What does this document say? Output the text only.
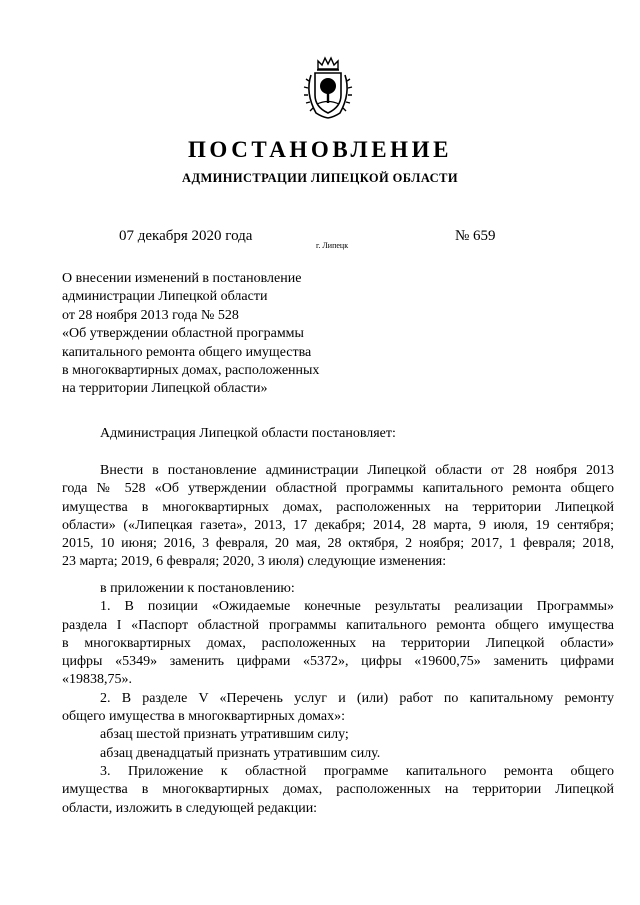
ПОСТАНОВЛЕНИЕ
АДМИНИСТРАЦИИ ЛИПЕЦКОЙ ОБЛАСТИ
07 декабря 2020 года
г. Липецк
№ 659
О внесении изменений в постановление
администрации Липецкой области
от 28 ноября 2013 года № 528
«Об утверждении областной программы
капитального ремонта общего имущества
в многоквартирных домах, расположенных
на территории Липецкой области»
Администрация Липецкой области постановляет:
Внести в постановление администрации Липецкой области от 28 ноября 2013
года № 528 «Об утверждении областной программы капитального ремонта общего
имущества в многоквартирных домах, расположенных на территории Липецкой
области» («Липецкая газета», 2013, 17 декабря; 2014, 28 марта, 9 июля, 19 сентября;
2015, 10 июня; 2016, 3 февраля, 20 мая, 28 октября, 2 ноября; 2017, 1 февраля; 2018,
23 марта; 2019, 6 февраля; 2020, 3 июля) следующие изменения:
в приложении к постановлению:
1. В позиции «Ожидаемые конечные результаты реализации Программы»
раздела I «Паспорт областной программы капитального ремонта общего имущества
в многоквартирных домах, расположенных на территории Липецкой области»
цифры «5349» заменить цифрами «5372», цифры «19600,75» заменить цифрами
«19838,75».
2. В разделе V «Перечень услуг и (или) работ по капитальному ремонту
общего имущества в многоквартирных домах»:
абзац шестой признать утратившим силу;
абзац двенадцатый признать утратившим силу.
3. Приложение к областной программе капитального ремонта общего
имущества в многоквартирных домах, расположенных на территории Липецкой
области, изложить в следующей редакции:
